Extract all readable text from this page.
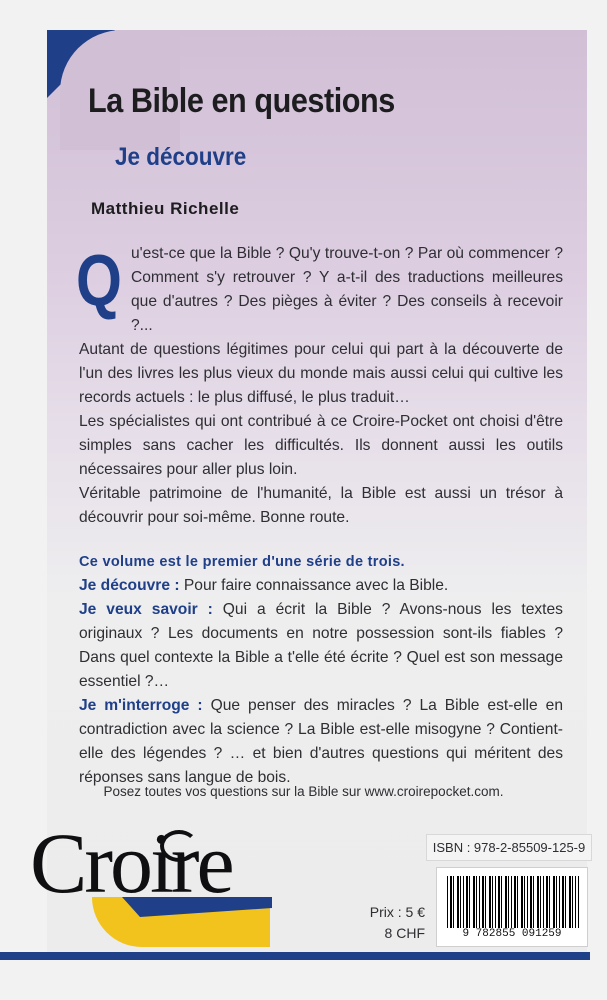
La Bible en questions
Je découvre
Matthieu Richelle
Q u'est-ce que la Bible ? Qu'y trouve-t-on ? Par où commencer ? Comment s'y retrouver ? Y a-t-il des traductions meilleures que d'autres ? Des pièges à éviter ? Des conseils à recevoir ?...

Autant de questions légitimes pour celui qui part à la découverte de l'un des livres les plus vieux du monde mais aussi celui qui cultive les records actuels : le plus diffusé, le plus traduit…

Les spécialistes qui ont contribué à ce Croire-Pocket ont choisi d'être simples sans cacher les difficultés. Ils donnent aussi les outils nécessaires pour aller plus loin.

Véritable patrimoine de l'humanité, la Bible est aussi un trésor à découvrir pour soi-même. Bonne route.

Ce volume est le premier d'une série de trois.

Je découvre : Pour faire connaissance avec la Bible.

Je veux savoir : Qui a écrit la Bible ? Avons-nous les textes originaux ? Les documents en notre possession sont-ils fiables ? Dans quel contexte la Bible a t'elle été écrite ? Quel est son message essentiel ?…

Je m'interroge : Que penser des miracles ? La Bible est-elle en contradiction avec la science ? La Bible est-elle misogyne ? Contient-elle des légendes ? … et bien d'autres questions qui méritent des réponses sans langue de bois.

Posez toutes vos questions sur la Bible sur www.croirepocket.com.
Croire
Prix : 5 €
8 CHF
ISBN : 978-2-85509-125-9
9 782855 091259
